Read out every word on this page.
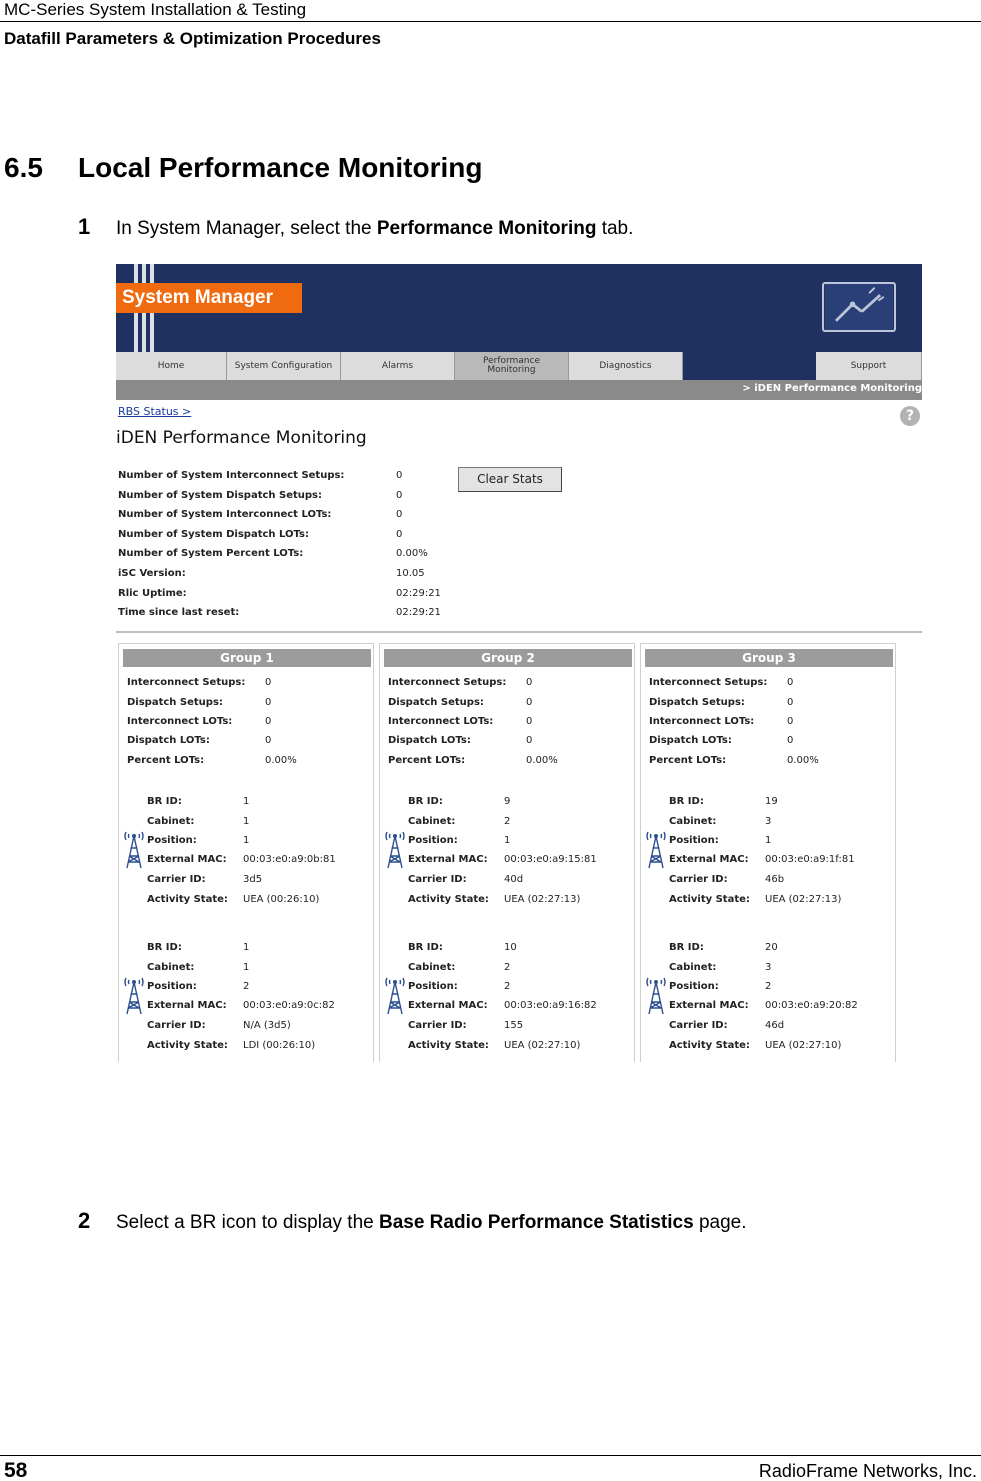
MC-Series System Installation & Testing
Datafill Parameters & Optimization Procedures
6.5 Local Performance Monitoring
1 In System Manager, select the Performance Monitoring tab.
System Manager
Home	System Configuration	Alarms	Performance Monitoring	Diagnostics	Support
> iDEN Performance Monitoring
RBS Status >	?
iDEN Performance Monitoring
Number of System Interconnect Setups:	0
Number of System Dispatch Setups:	0
Number of System Interconnect LOTs:	0
Number of System Dispatch LOTs:	0
Number of System Percent LOTs:	0.00%
iSC Version:	10.05
Rlic Uptime:	02:29:21
Time since last reset:	02:29:21
Clear Stats
Group 1
Interconnect Setups: 0
Dispatch Setups:	0
Interconnect LOTs:	0
Dispatch LOTs:	0
Percent LOTs:	0.00%
BR ID:	1
Cabinet:	1
Position:	1
External MAC: 00:03:e0:a9:0b:81
Carrier ID:	3d5
Activity State: UEA (00:26:10)
BR ID:	1
Cabinet:	1
Position:	2
External MAC: 00:03:e0:a9:0c:82
Carrier ID:	N/A (3d5)
Activity State: LDI (00:26:10)
Group 2
Interconnect Setups: 0
Dispatch Setups:	0
Interconnect LOTs:	0
Dispatch LOTs:	0
Percent LOTs:	0.00%
BR ID:	9
Cabinet:	2
Position:	1
External MAC: 00:03:e0:a9:15:81
Carrier ID:	40d
Activity State: UEA (02:27:13)
BR ID:	10
Cabinet:	2
Position:	2
External MAC: 00:03:e0:a9:16:82
Carrier ID:	155
Activity State: UEA (02:27:10)
Group 3
Interconnect Setups: 0
Dispatch Setups:	0
Interconnect LOTs:	0
Dispatch LOTs:	0
Percent LOTs:	0.00%
BR ID:	19
Cabinet:	3
Position:	1
External MAC: 00:03:e0:a9:1f:81
Carrier ID:	46b
Activity State: UEA (02:27:13)
BR ID:	20
Cabinet:	3
Position:	2
External MAC: 00:03:e0:a9:20:82
Carrier ID:	46d
Activity State: UEA (02:27:10)
2 Select a BR icon to display the Base Radio Performance Statistics page.
58	RadioFrame Networks, Inc.
